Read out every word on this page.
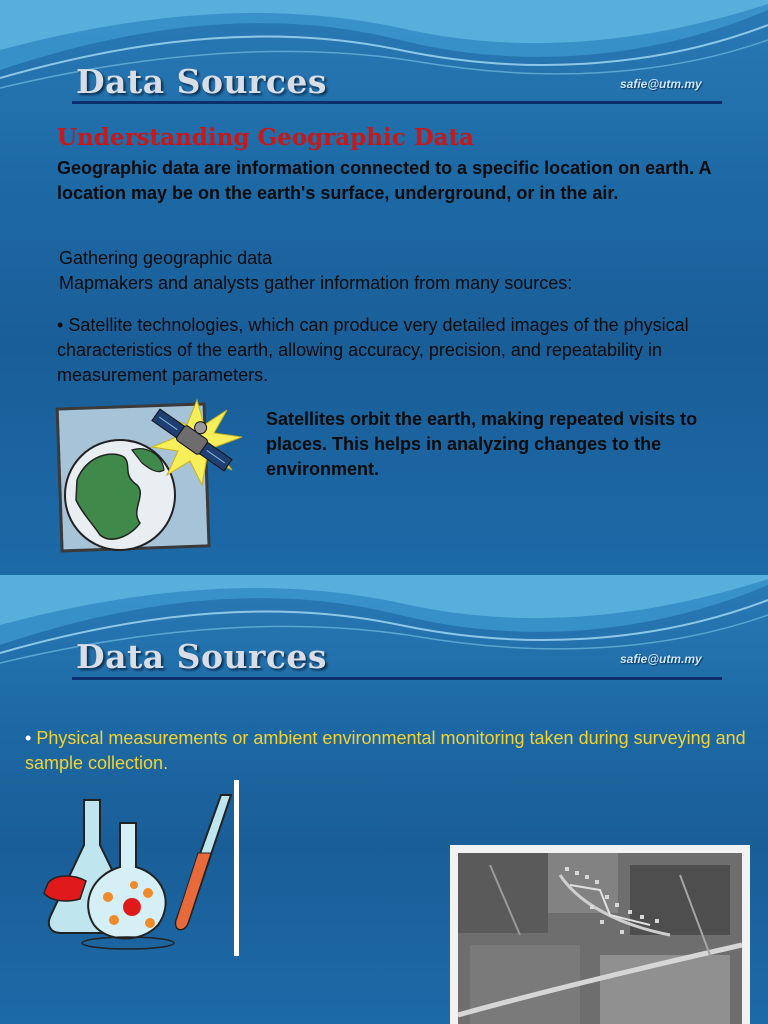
Data Sources	safie@utm.my
Understanding Geographic Data
Geographic data are information connected to a specific location on earth. A location may be on the earth's surface, underground, or in the air.
Gathering geographic data
Mapmakers and analysts gather information from many sources:
• Satellite technologies, which can produce very detailed images of the physical characteristics of the earth, allowing accuracy, precision, and repeatability in measurement parameters.
Satellites orbit the earth, making repeated visits to places. This helps in analyzing changes to the environment.
Data Sources	safie@utm.my
• Physical measurements or ambient environmental monitoring taken during surveying and sample collection.
